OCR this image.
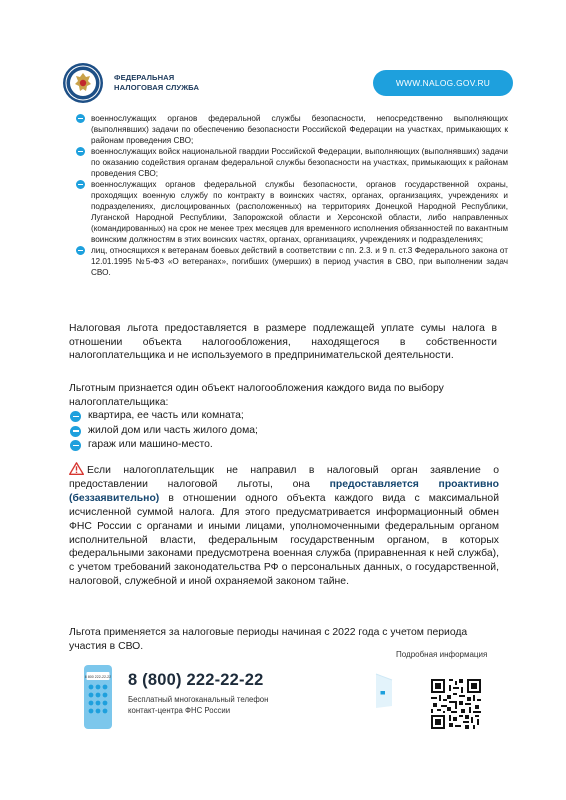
ФЕДЕРАЛЬНАЯ
НАЛОГОВАЯ СЛУЖБА	WWW.NALOG.GOV.RU
военнослужащих органов федеральной службы безопасности, непосредственно выполняющих (выполнявших) задачи по обеспечению безопасности Российской Федерации на участках, примыкающих к районам проведения СВО;
военнослужащих войск национальной гвардии Российской Федерации, выполняющих (выполнявших) задачи по оказанию содействия органам федеральной службы безопасности на участках, примыкающих к районам проведения СВО;
военнослужащих органов федеральной службы безопасности, органов государственной охраны, проходящих военную службу по контракту в воинских частях, органах, организациях, учреждениях и подразделениях, дислоцированных (расположенных) на территориях Донецкой Народной Республики, Луганской Народной Республики, Запорожской области и Херсонской области, либо направленных (командированных) на срок не менее трех месяцев для временного исполнения обязанностей по вакантным воинским должностям в этих воинских частях, органах, организациях, учреждениях и подразделениях;
лиц, относящихся к ветеранам боевых действий в соответствии с пп. 2.3. и 9 п. ст.3 Федерального закона от 12.01.1995 №5-ФЗ «О ветеранах», погибших (умерших) в период участия в СВО, при выполнении задач СВО.

Налоговая льгота предоставляется в размере подлежащей уплате сумы налога в отношении объекта налогообложения, находящегося в собственности налогоплательщика и не используемого в предпринимательской деятельности.

Льготным признается один объект налогообложения каждого вида по выбору налогоплательщика:

квартира, ее часть или комната;
жилой дом или часть жилого дома;
гараж или машино-место.

Если налогоплательщик не направил в налоговый орган заявление о предоставлении налоговой льготы, она предоставляется проактивно (беззаявительно) в отношении одного объекта каждого вида с максимальной исчисленной суммой налога. Для этого предусматривается информационный обмен ФНС России с органами и иными лицами, уполномоченными федеральным органом исполнительной власти, федеральным государственным органом, в которых федеральными законами предусмотрена военная служба (приравненная к ней служба), с учетом требований законодательства РФ о персональных данных, о государственной, налоговой, служебной и иной охраняемой законом тайне.

Льгота применяется за налоговые периоды начиная с 2022 года с учетом периода участия в СВО.

Подробная информация
8 800 222-22-22 8 (800) 222-22-22
Бесплатный многоканальный телефон
контакт-центра ФНС России
